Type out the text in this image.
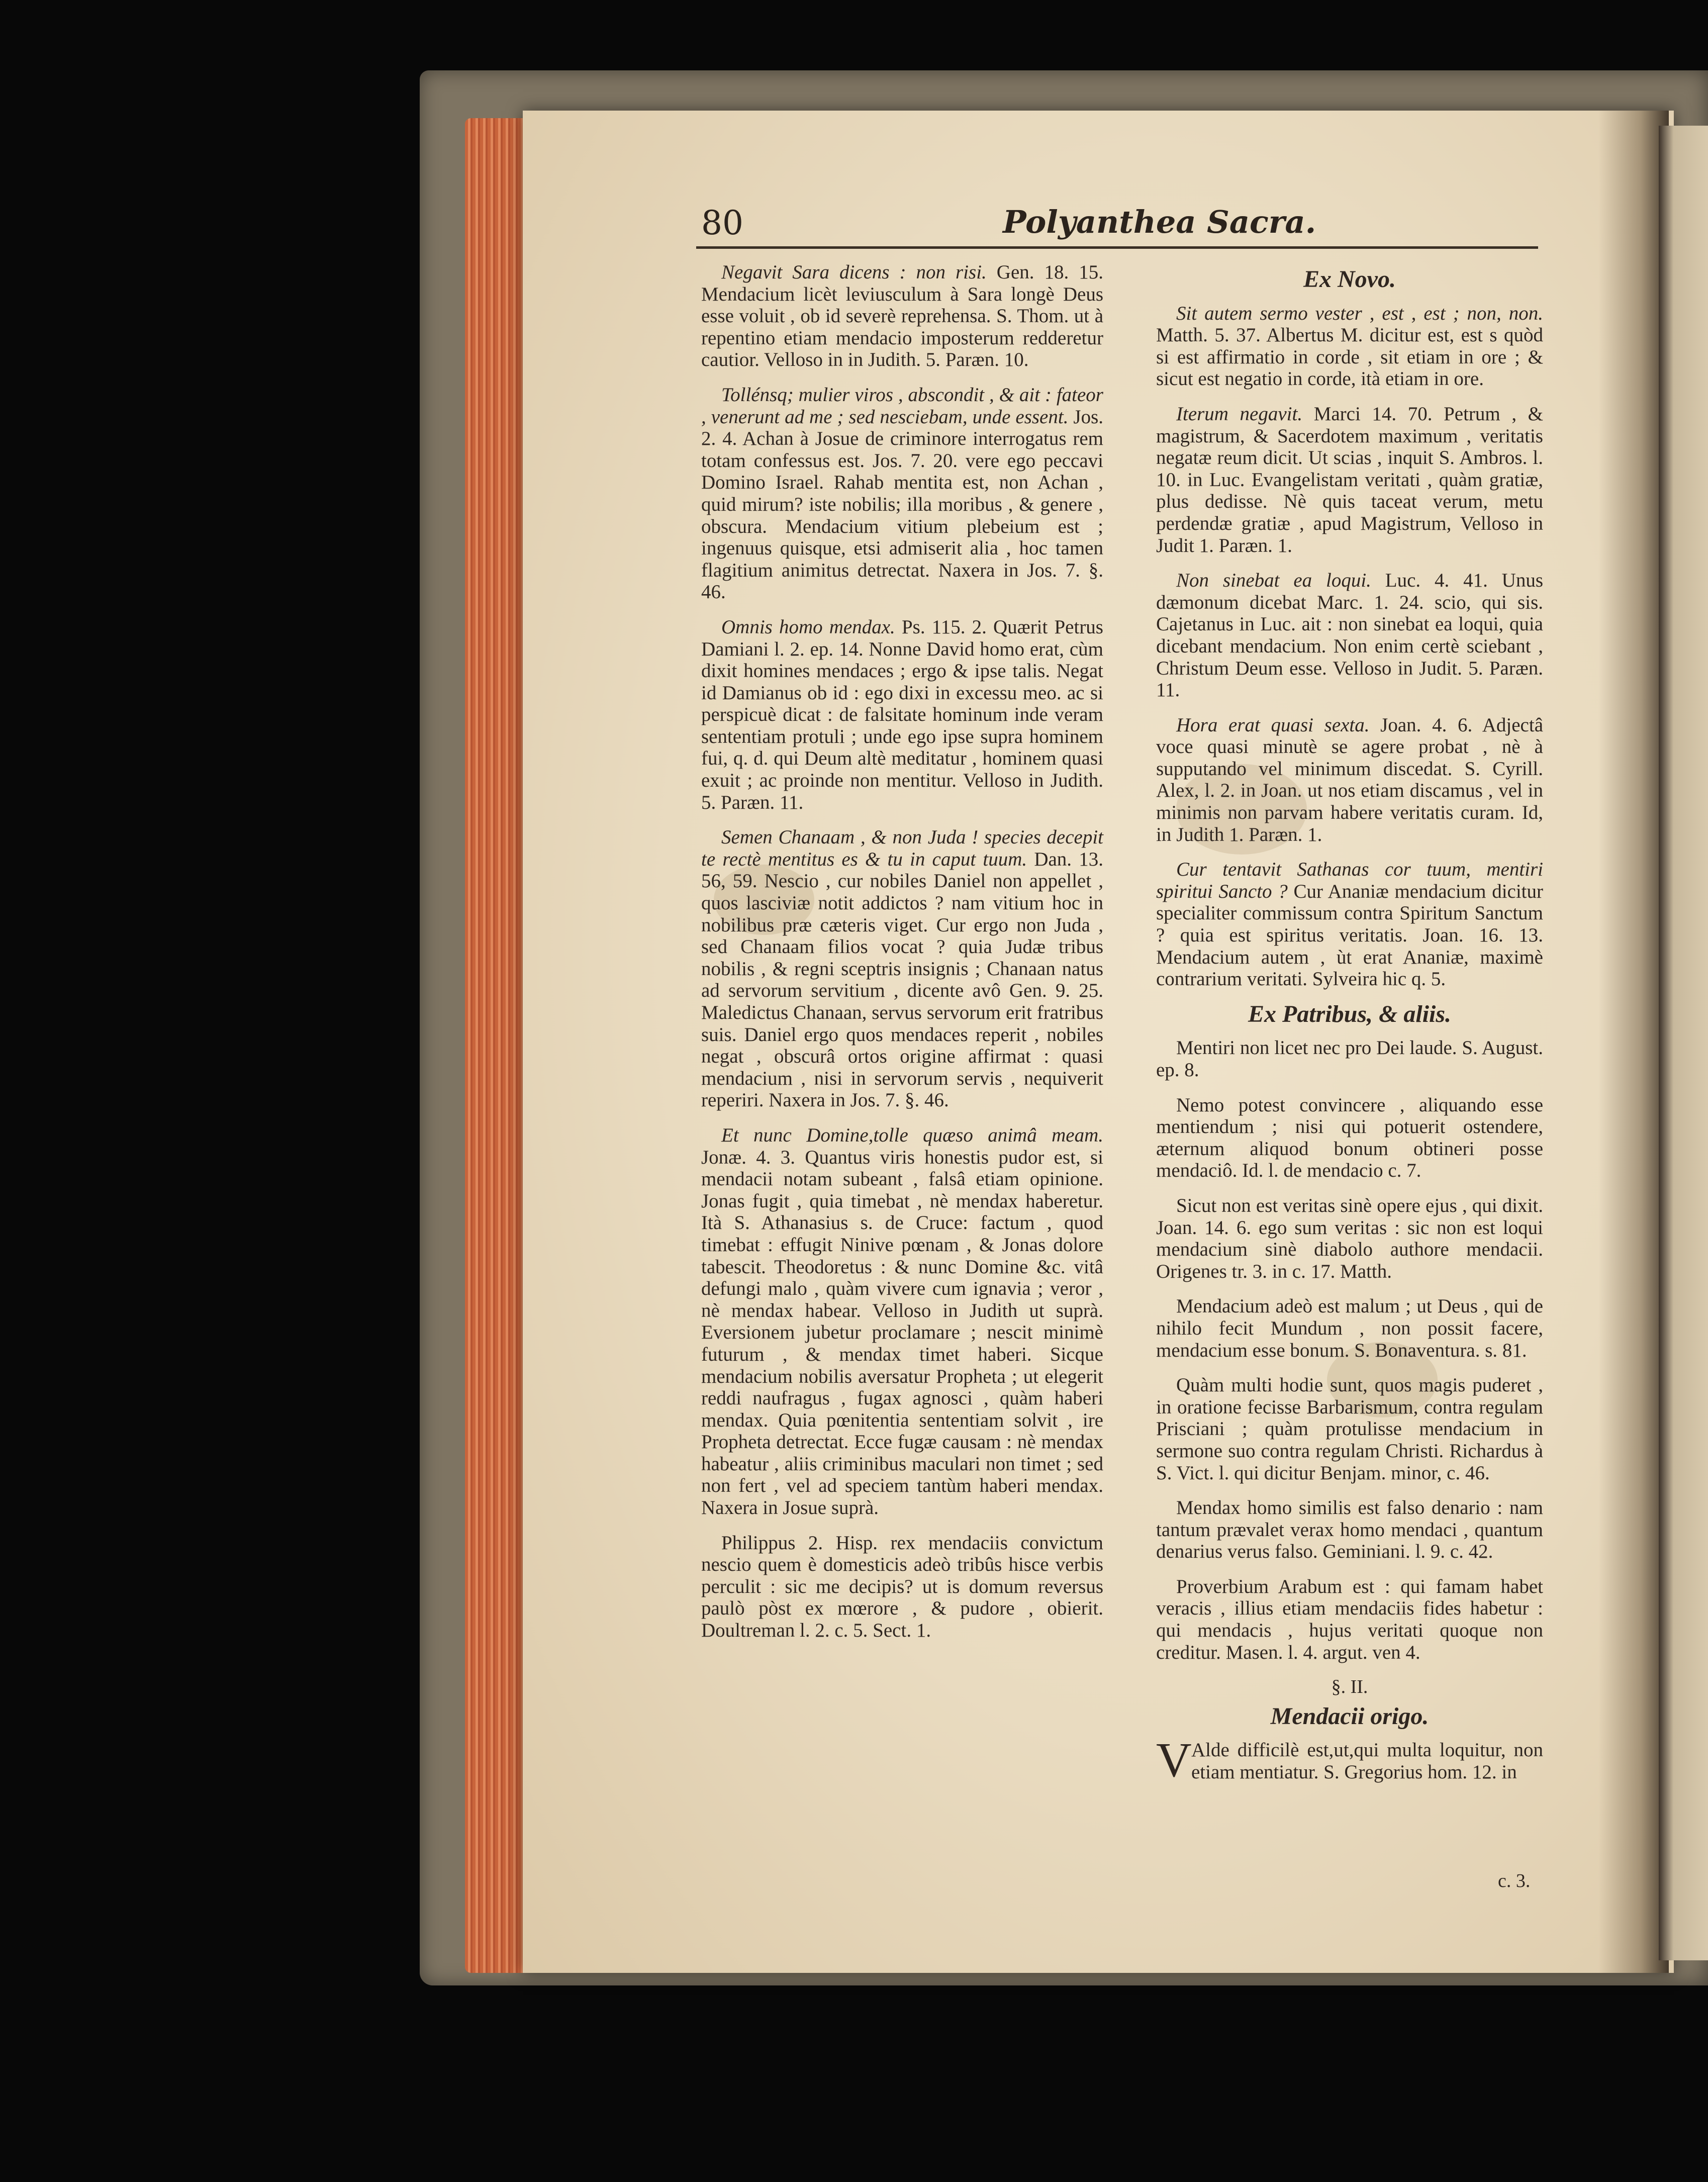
80	Polyanthea Sacra.

Negavit Sara dicens : non risi. Gen. 18. 15. Mendacium licèt leviusculum à Sara longè Deus esse voluit , ob id severè reprehensa. S. Thom. ut à repentino etiam mendacio imposterum redderetur cautior. Velloso in in Judith. 5. Paræn. 10.

Tollénsq; mulier viros , abscondit , & ait : fateor , venerunt ad me ; sed nesciebam, unde essent. Jos. 2. 4. Achan à Josue de criminore interrogatus rem totam confessus est. Jos. 7. 20. vere ego peccavi Domino Israel. Rahab mentita est, non Achan , quid mirum? iste nobilis; illa moribus , & genere , obscura. Mendacium vitium plebeium est ; ingenuus quisque, etsi admiserit alia , hoc tamen flagitium animitus detrectat. Naxera in Jos. 7. §. 46.

Omnis homo mendax. Ps. 115. 2. Quærit Petrus Damiani l. 2. ep. 14. Nonne David homo erat, cùm dixit homines mendaces ; ergo & ipse talis. Negat id Damianus ob id : ego dixi in excessu meo. ac si perspicuè dicat : de falsitate hominum inde veram sententiam protuli ; unde ego ipse supra hominem fui, q. d. qui Deum altè meditatur , hominem quasi exuit ; ac proinde non mentitur. Velloso in Judith. 5. Paræn. 11.

Semen Chanaam , & non Juda ! species decepit te rectè mentitus es & tu in caput tuum. Dan. 13. 56, 59. Nescio , cur nobiles Daniel non appellet , quos lasciviæ notit addictos ? nam vitium hoc in nobilibus præ cæteris viget. Cur ergo non Juda , sed Chanaam filios vocat ? quia Judæ tribus nobilis , & regni sceptris insignis ; Chanaan natus ad servorum servitium , dicente avô Gen. 9. 25. Maledictus Chanaan, servus servorum erit fratribus suis. Daniel ergo quos mendaces reperit , nobiles negat , obscurâ ortos origine affirmat : quasi mendacium , nisi in servorum servis , nequiverit reperiri. Naxera in Jos. 7. §. 46.

Et nunc Domine,tolle quæso animâ meam. Jonæ. 4. 3. Quantus viris honestis pudor est, si mendacii notam subeant , falsâ etiam opinione. Jonas fugit , quia timebat , nè mendax haberetur. Ità S. Athanasius s. de Cruce: factum , quod timebat : effugit Ninive pœnam , & Jonas dolore tabescit. Theodoretus : & nunc Domine &c. vitâ defungi malo , quàm vivere cum ignavia ; veror , nè mendax habear. Velloso in Judith ut suprà. Eversionem jubetur proclamare ; nescit minimè futurum , & mendax timet haberi. Sicque mendacium nobilis aversatur Propheta ; ut elegerit reddi naufragus , fugax agnosci , quàm haberi mendax. Quia pœnitentia sententiam solvit , ire Propheta detrectat. Ecce fugæ causam : nè mendax habeatur , aliis criminibus maculari non timet ; sed non fert , vel ad speciem tantùm haberi mendax. Naxera in Josue suprà.

Philippus 2. Hisp. rex mendaciis convictum nescio quem è domesticis adeò tribûs hisce verbis perculit : sic me decipis? ut is domum reversus paulò pòst ex mœrore , & pudore , obierit. Doultreman l. 2. c. 5. Sect. 1.

Ex Novo.

Sit autem sermo vester , est , est ; non, non. Matth. 5. 37. Albertus M. dicitur est, est s quòd si est affirmatio in corde , sit etiam in ore ; & sicut est negatio in corde, ità etiam in ore.

Iterum negavit. Marci 14. 70. Petrum , & magistrum, & Sacerdotem maximum , veritatis negatæ reum dicit. Ut scias , inquit S. Ambros. l. 10. in Luc. Evangelistam veritati , quàm gratiæ, plus dedisse. Nè quis taceat verum, metu perdendæ gratiæ , apud Magistrum, Velloso in Judit 1. Paræn. 1.

Non sinebat ea loqui. Luc. 4. 41. Unus dæmonum dicebat Marc. 1. 24. scio, qui sis. Cajetanus in Luc. ait : non sinebat ea loqui, quia dicebant mendacium. Non enim certè sciebant , Christum Deum esse. Velloso in Judit. 5. Paræn. 11.

Hora erat quasi sexta. Joan. 4. 6. Adjectâ voce quasi minutè se agere probat , nè à supputando vel minimum discedat. S. Cyrill. Alex, l. 2. in Joan. ut nos etiam discamus , vel in minimis non parvam habere veritatis curam. Id, in Judith 1. Paræn. 1.

Cur tentavit Sathanas cor tuum, mentiri spiritui Sancto ? Cur Ananiæ mendacium dicitur specialiter commissum contra Spiritum Sanctum ? quia est spiritus veritatis. Joan. 16. 13. Mendacium autem , ùt erat Ananiæ, maximè contrarium veritati. Sylveira hic q. 5.

Ex Patribus, & aliis.

Mentiri non licet nec pro Dei laude. S. August. ep. 8.

Nemo potest convincere , aliquando esse mentiendum ; nisi qui potuerit ostendere, æternum aliquod bonum obtineri posse mendaciô. Id. l. de mendacio c. 7.

Sicut non est veritas sinè opere ejus , qui dixit. Joan. 14. 6. ego sum veritas : sic non est loqui mendacium sinè diabolo authore mendacii. Origenes tr. 3. in c. 17. Matth.

Mendacium adeò est malum ; ut Deus , qui de nihilo fecit Mundum , non possit facere, mendacium esse bonum. S. Bonaventura. s. 81.

Quàm multi hodie sunt, quos magis puderet , in oratione fecisse Barbarismum, contra regulam Prisciani ; quàm protulisse mendacium in sermone suo contra regulam Christi. Richardus à S. Vict. l. qui dicitur Benjam. minor, c. 46.

Mendax homo similis est falso denario : nam tantum prævalet verax homo mendaci , quantum denarius verus falso. Geminiani. l. 9. c. 42.

Proverbium Arabum est : qui famam habet veracis , illius etiam mendaciis fides habetur : qui mendacis , hujus veritati quoque non creditur. Masen. l. 4. argut. ven 4.

§. II.
Mendacii origo.

V Alde difficilè est,ut,qui multa loquitur, non etiam mentiatur. S. Gregorius hom. 12. in

c. 3.
